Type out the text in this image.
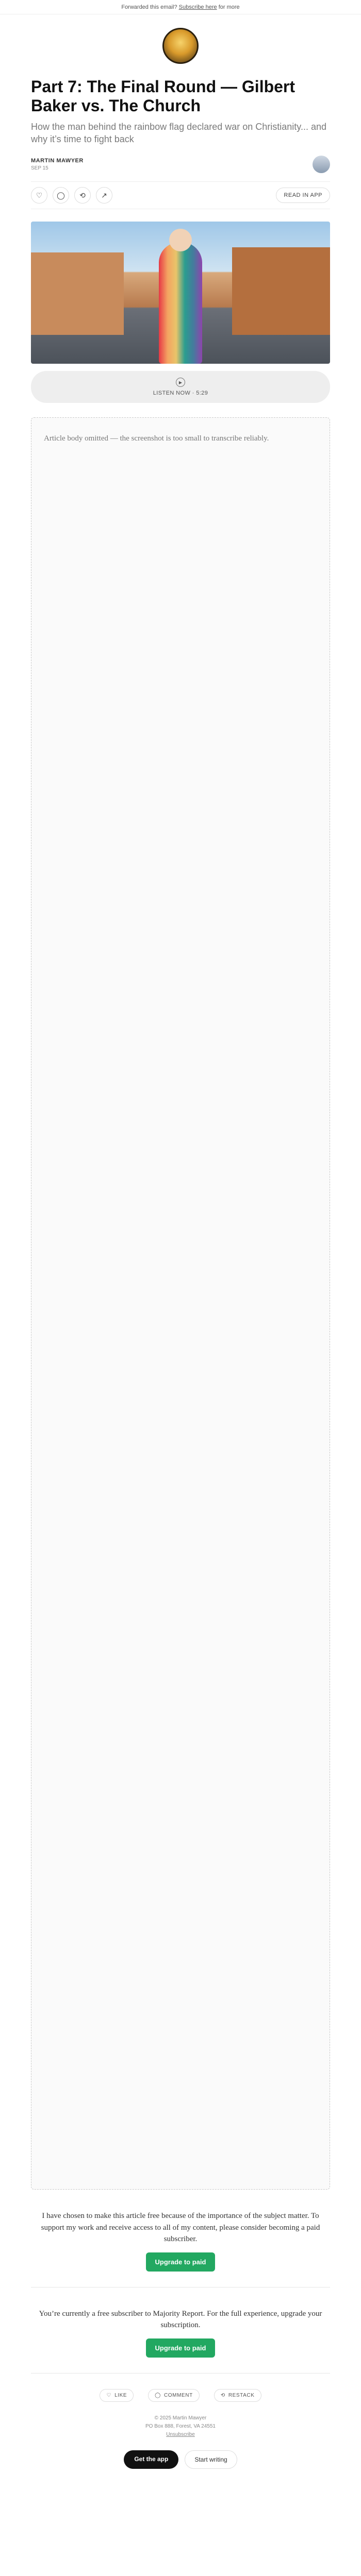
Forwarded this email? Subscribe here for more
Part 7: The Final Round — Gilbert Baker vs. The Church
How the man behind the rainbow flag declared war on Christianity... and why it’s time to fight back
MARTIN MAWYER
SEP 15
♡ ◯ ⟲ ↗	READ IN APP
▶
LISTEN NOW · 5:29
Article body omitted — the screenshot is too small to transcribe reliably.
I have chosen to make this article free because of the importance of the subject matter. To support my work and receive access to all of my content, please consider becoming a paid subscriber.
Upgrade to paid
You’re currently a free subscriber to Majority Report. For the full experience, upgrade your subscription.
Upgrade to paid
♡ LIKE	◯ COMMENT	⟲ RESTACK
© 2025 Martin Mawyer
PO Box 888, Forest, VA 24551
Unsubscribe
Get the app	Start writing
